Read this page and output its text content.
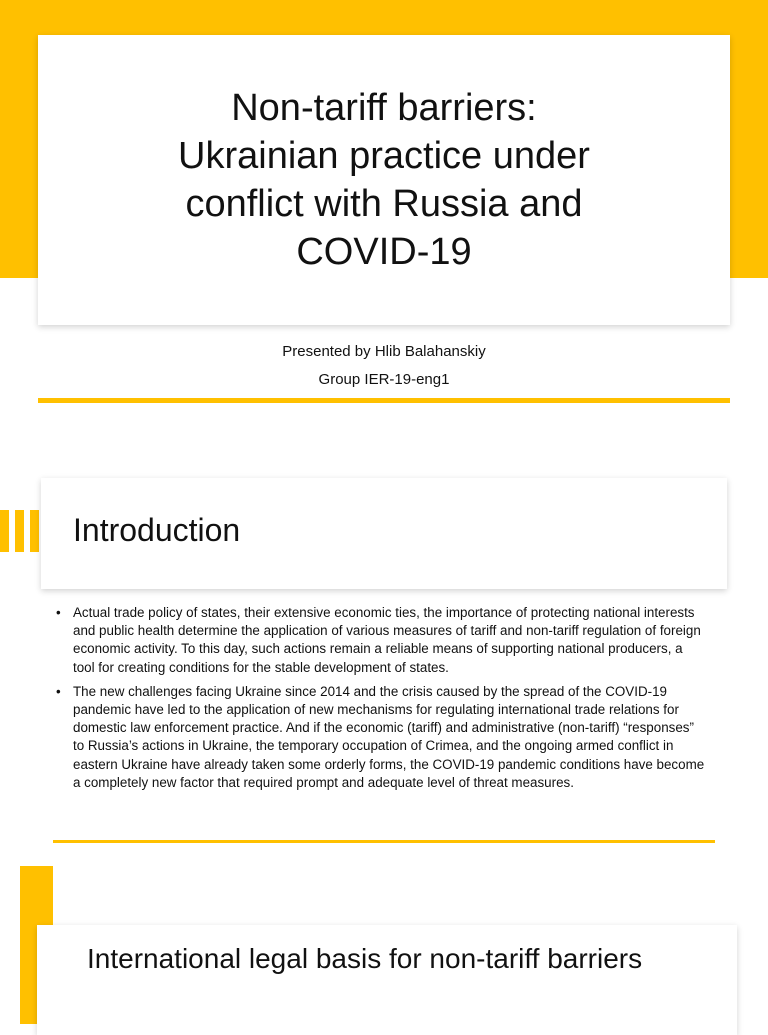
Non-tariff barriers: Ukrainian practice under conflict with Russia and COVID-19
Presented by Hlib Balahanskiy
Group IER-19-eng1
Introduction
• Actual trade policy of states, their extensive economic ties, the importance of protecting national interests and public health determine the application of various measures of tariff and non-tariff regulation of foreign economic activity. To this day, such actions remain a reliable means of supporting national producers, a tool for creating conditions for the stable development of states.
• The new challenges facing Ukraine since 2014 and the crisis caused by the spread of the COVID-19 pandemic have led to the application of new mechanisms for regulating international trade relations for domestic law enforcement practice. And if the economic (tariff) and administrative (non-tariff) “responses” to Russia’s actions in Ukraine, the temporary occupation of Crimea, and the ongoing armed conflict in eastern Ukraine have already taken some orderly forms, the COVID-19 pandemic conditions have become a completely new factor that required prompt and adequate level of threat measures.
International legal basis for non-tariff barriers
